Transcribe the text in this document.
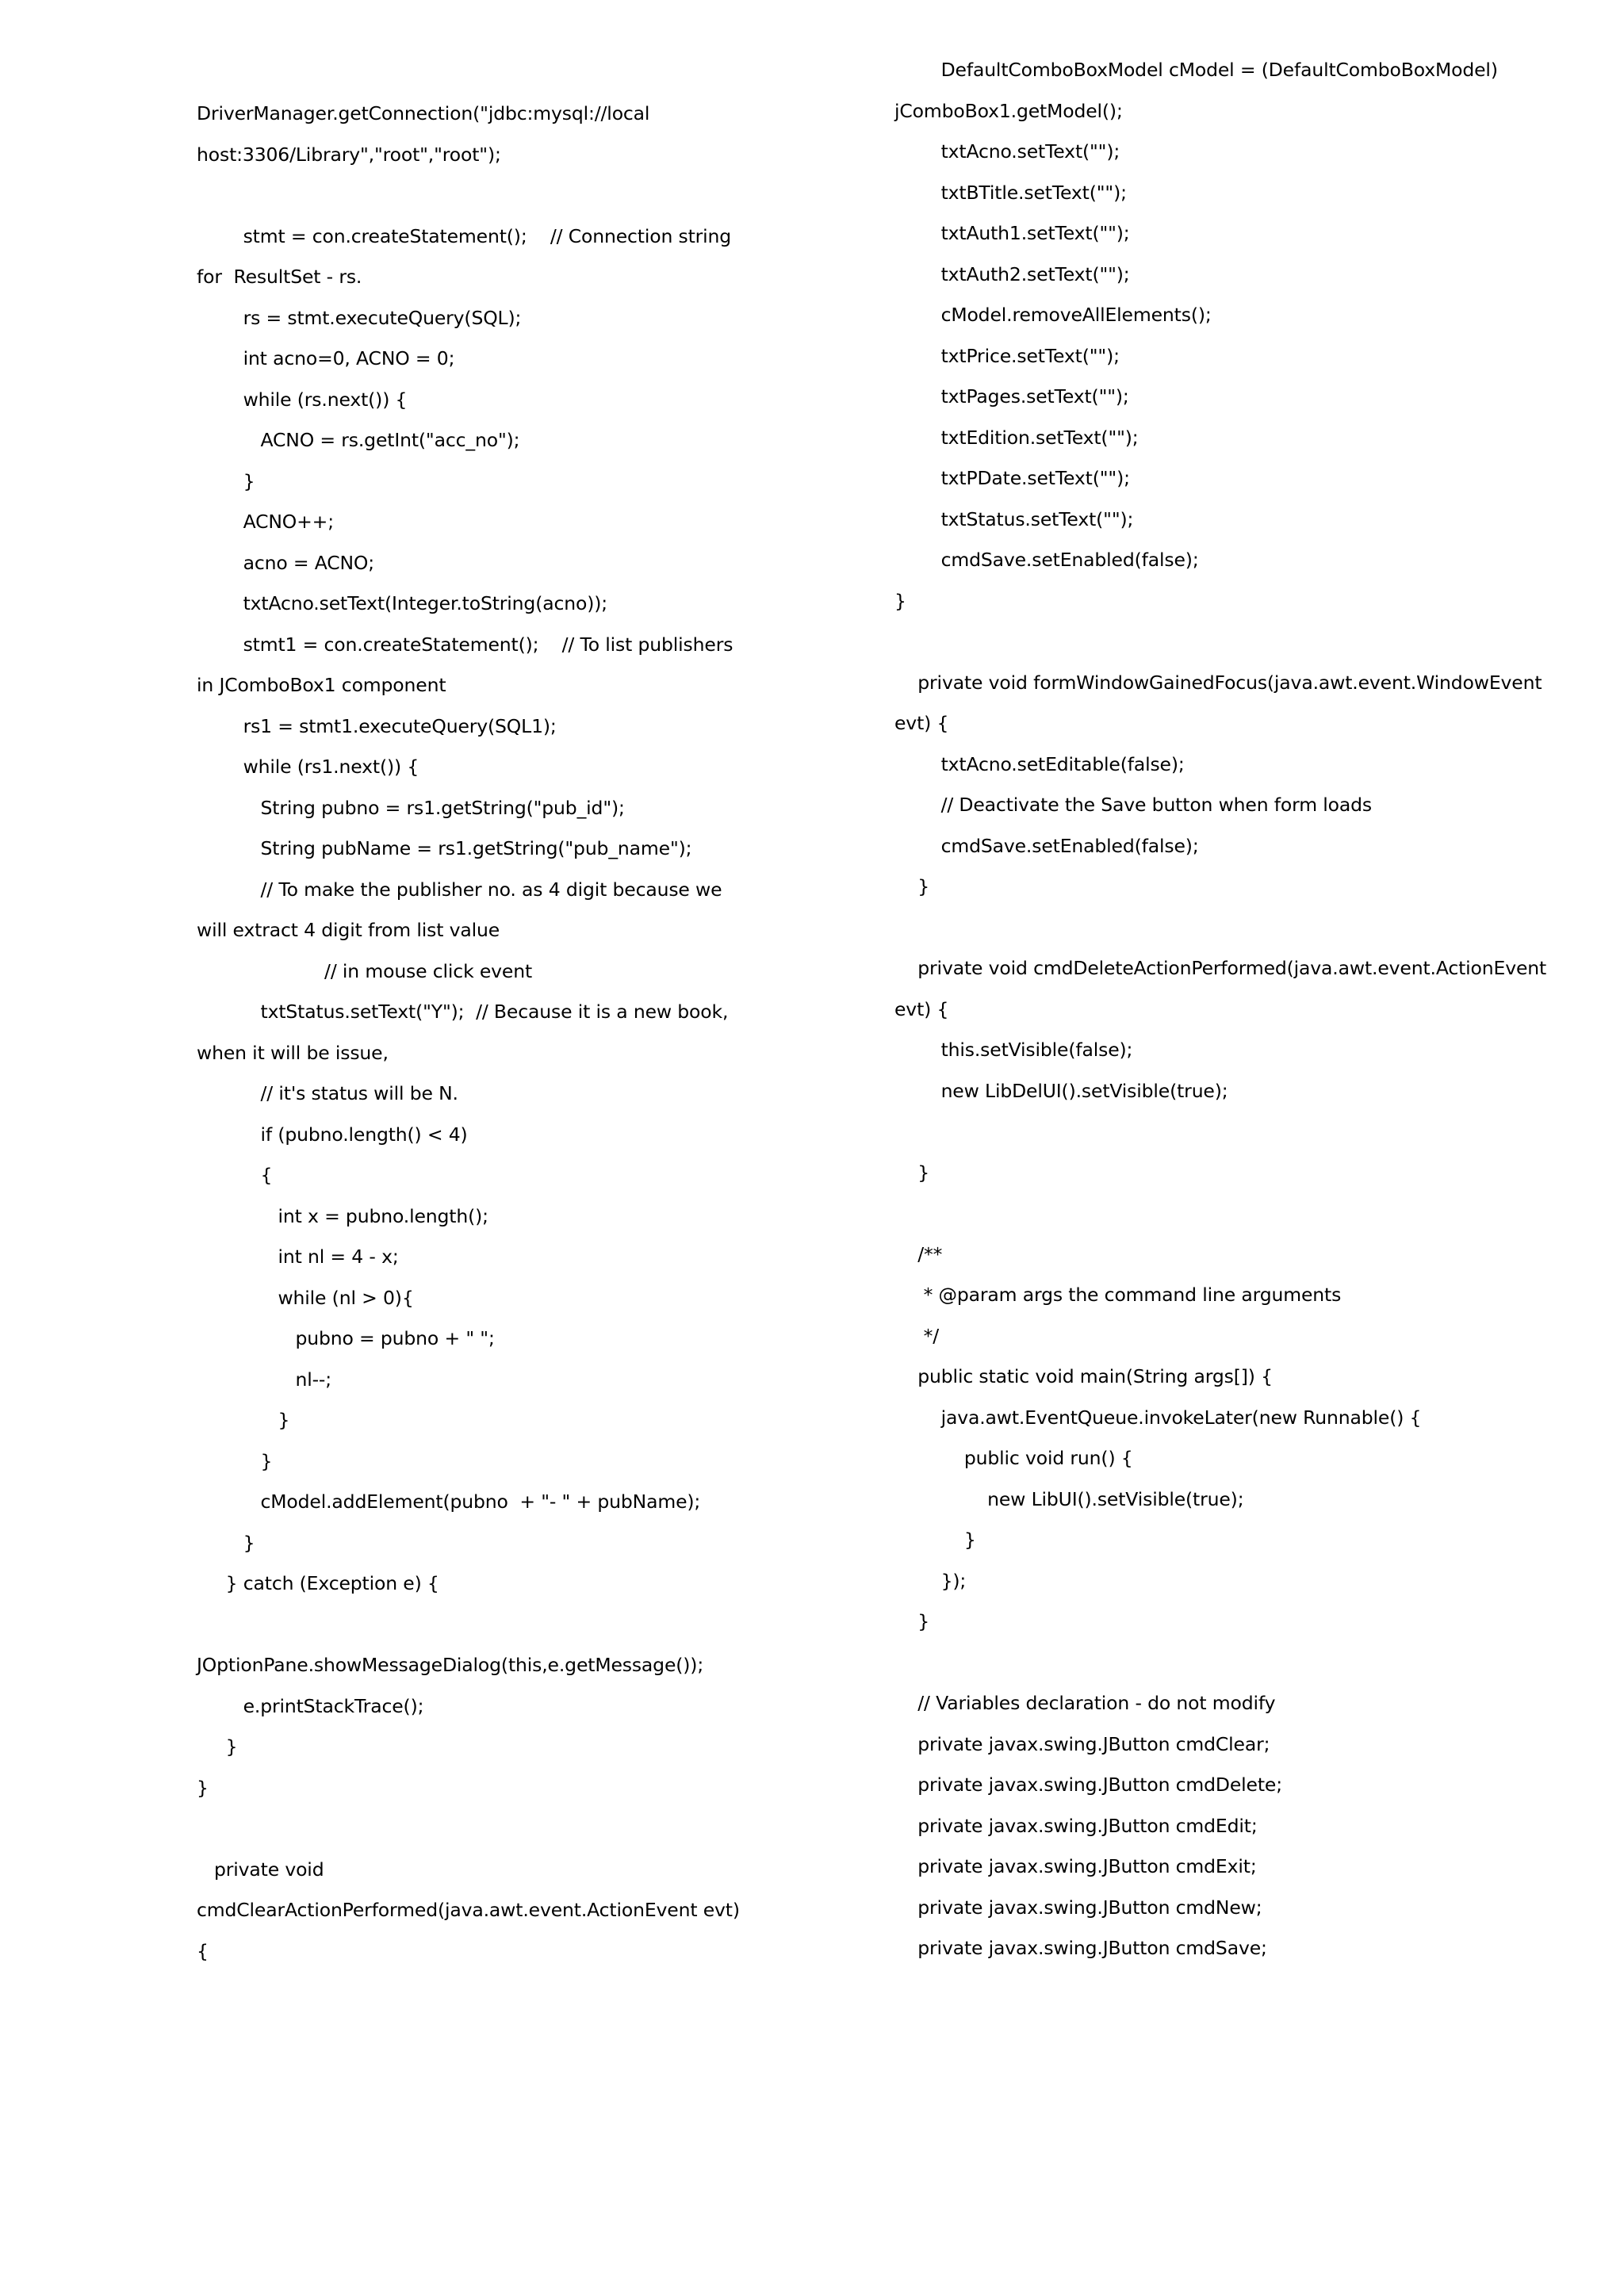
DriverManager.getConnection("jdbc:mysql://local host:3306/Library","root","root");
stmt = con.createStatement();    // Connection string for  ResultSet - rs.
rs = stmt.executeQuery(SQL);
int acno=0, ACNO = 0;
while (rs.next()) {
ACNO = rs.getInt("acc_no");
}
ACNO++;
acno = ACNO;
txtAcno.setText(Integer.toString(acno));
stmt1 = con.createStatement();    // To list publishers in JComboBox1 component
rs1 = stmt1.executeQuery(SQL1);
while (rs1.next()) {
String pubno = rs1.getString("pub_id");
String pubName = rs1.getString("pub_name");
// To make the publisher no. as 4 digit because we will extract 4 digit from list value
// in mouse click event
txtStatus.setText("Y");  // Because it is a new book, when it will be issue,
// it's status will be N.
if (pubno.length() < 4)
{
int x = pubno.length();
int nl = 4 - x;
while (nl > 0){
pubno = pubno + " ";
nl--;
}
}
cModel.addElement(pubno  + "- " + pubName);
}
} catch (Exception e) {
JOptionPane.showMessageDialog(this,e.getMessage());
e.printStackTrace();
}
}
private void cmdClearActionPerformed(java.awt.event.ActionEvent evt) {
DefaultComboBoxModel cModel = (DefaultComboBoxModel) jComboBox1.getModel();
txtAcno.setText("");
txtBTitle.setText("");
txtAuth1.setText("");
txtAuth2.setText("");
cModel.removeAllElements();
txtPrice.setText("");
txtPages.setText("");
txtEdition.setText("");
txtPDate.setText("");
txtStatus.setText("");
cmdSave.setEnabled(false);
}
private void formWindowGainedFocus(java.awt.event.WindowEvent evt) {
txtAcno.setEditable(false);
// Deactivate the Save button when form loads
cmdSave.setEnabled(false);
}
private void cmdDeleteActionPerformed(java.awt.event.ActionEvent evt) {
this.setVisible(false);
new LibDelUI().setVisible(true);
}
/**
* @param args the command line arguments
*/
public static void main(String args[]) {
java.awt.EventQueue.invokeLater(new Runnable() {
public void run() {
new LibUI().setVisible(true);
}
});
}
// Variables declaration - do not modify
private javax.swing.JButton cmdClear;
private javax.swing.JButton cmdDelete;
private javax.swing.JButton cmdEdit;
private javax.swing.JButton cmdExit;
private javax.swing.JButton cmdNew;
private javax.swing.JButton cmdSave;
